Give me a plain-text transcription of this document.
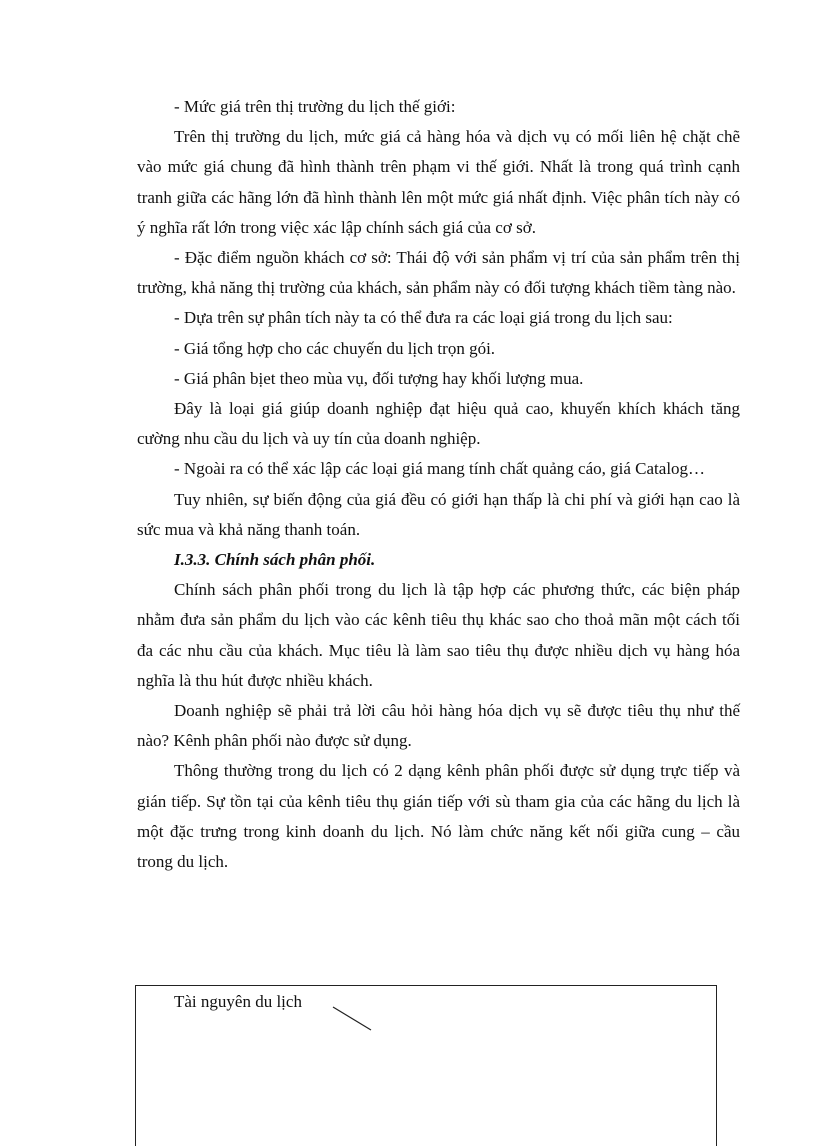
- Mức giá trên thị trường du lịch thế giới:

Trên thị trường du lịch, mức giá cả hàng hóa và dịch vụ có mối liên hệ chặt chẽ vào mức giá chung đã hình thành trên phạm vi thế giới. Nhất là trong quá trình cạnh tranh giữa các hãng lớn đã hình thành lên một mức giá nhất định. Việc phân tích này có ý nghĩa rất lớn trong việc xác lập chính sách giá của cơ sở.

- Đặc điểm nguồn khách cơ sở: Thái độ với sản phẩm vị trí của sản phẩm trên thị trường, khả năng thị trường của khách, sản phẩm này có đối tượng khách tiềm tàng nào.

- Dựa trên sự phân tích này ta có thể đưa ra các loại giá trong du lịch sau:

- Giá tổng hợp cho các chuyến du lịch trọn gói.

- Giá phân bịet theo mùa vụ, đối tượng hay khối lượng mua.

Đây là loại giá giúp doanh nghiệp đạt hiệu quả cao, khuyến khích khách tăng cường nhu cầu du lịch và uy tín của doanh nghiệp.

- Ngoài ra có thể xác lập các loại giá mang tính chất quảng cáo, giá Catalog…

Tuy nhiên, sự biến động của giá đều có giới hạn thấp là chi phí và giới hạn cao là sức mua và khả năng thanh toán.

I.3.3. Chính sách phân phối.

Chính sách phân phối trong du lịch là tập hợp các phương thức, các biện pháp nhằm đưa sản phẩm du lịch vào các kênh tiêu thụ khác sao cho thoả mãn một cách tối đa các nhu cầu của khách. Mục tiêu là làm sao tiêu thụ được nhiều dịch vụ hàng hóa nghĩa là thu hút được nhiều khách.

Doanh nghiệp sẽ phải trả lời câu hỏi hàng hóa dịch vụ sẽ được tiêu thụ như thế nào? Kênh phân phối nào được sử dụng.

Thông thường trong du lịch có 2 dạng kênh phân phối được sử dụng trực tiếp và gián tiếp. Sự tồn tại của kênh tiêu thụ gián tiếp với sù tham gia của các hãng du lịch là một đặc trưng trong kinh doanh du lịch. Nó làm chức năng kết nối giữa cung – cầu trong du lịch.

Tài nguyên du lịch
